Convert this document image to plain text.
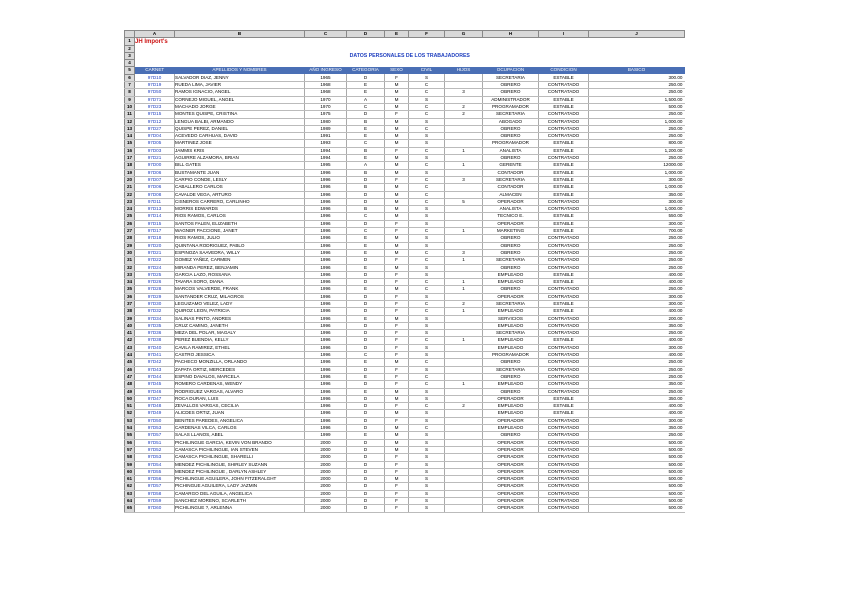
	A	B	C	D	E	F	G	H	I	J	
1	JH Import's										
2											
3	DATOS PERSONALES DE LOS TRABAJADORES										
4											
5	CARNET	APELLIDOS Y NOMBRES	AÑO INGRESO	CATEGORIA	SEXO	CIVIL	HIJOS	OCUPACION	CONDICION	BASICO	
6	97D10	SALVADOR DIAZ, JENNY	1965	D	F	S		SECRETARIA	ESTABLE	300.00	
7	97D19	RUEDA LIMA, JAVIER	1968	E	M	C		OBRERO	CONTRATADO	250.00	
8	97D50	RAMOS IGNACIO, ANGEL	1968	E	M	C	3	OBRERO	CONTRATADO	250.00	
9	97D71	CORNEJO MIGUEL, ANGEL	1970	A	M	S		ADMINISTRADOR	ESTABLE	1,500.00	
10	97D23	MACHADO JORGE	1970	C	M	C	2	PROGRAMADOR	ESTABLE	500.00	
11	97D15	MONTES QUISPE, CRISTINA	1975	D	F	C	2	SECRETARIA	CONTRATADO	250.00	
12	97D12	LENGUA BALBI, ARMANDO	1980	B	M	S		ABOGADO	CONTRATADO	1,000.00	
13	97D27	QUISPE PEREZ, DANIEL	1989	E	M	C		OBRERO	CONTRATADO	250.00	
14	97D04	ACEVEDO CARHUAS, DAVID	1991	E	M	S		OBRERO	CONTRATADO	250.00	
15	97D05	MARTINEZ JOSE	1993	C	M	S		PROGRAMADOR	ESTABLE	800.00	
16	97D03	JAMMIS KRIS	1994	B	F	C	1	ANALISTA	ESTABLE	1,200.00	
17	97D21	AGUIRRE ALZAMORA, BRIAN	1994	E	M	S		OBRERO	CONTRATADO	250.00	
18	97D00	BILL GATES	1995	A	M	C	1	GERENTE	ESTABLE	12000.00	
19	97D06	BUSTAMANTE JUAN	1996	B	M	S		CONTADOR	ESTABLE	1,000.00	
20	97D07	CARPIO CONDE, LESLY	1996	D	F	C	3	SECRETARIA	ESTABLE	300.00	
21	97D06	CABALLERO CARLOS	1996	B	M	C		CONTADOR	ESTABLE	1,000.00	
22	97D08	CAVALDE VEGA, ARTURO	1996	D	M	C		ALMACEN	ESTABLE	350.00	
23	97D11	CISNEROS CARRERO, CARLINHO	1996	D	M	C	5	OPERADOR	CONTRATADO	300.00	
24	97D13	MORRIS EDWARDS	1996	B	M	S		ANALISTA	CONTRATADO	1,000.00	
25	97D14	RIOS RAMOS, CARLOS	1996	C	M	S		TECNICO E.	ESTABLE	550.00	
26	97D15	SANTOS FALEN, ELIZABETH	1996	D	F	S		OPERADOR	ESTABLE	300.00	
27	97D17	WAGNER PACCIONE, JANET	1996	C	F	C	1	MARKETING	ESTABLE	700.00	
28	97D18	RIOS RAMOS, JULIO	1996	E	M	S		OBRERO	CONTRATADO	250.00	
29	97D20	QUINTANA RODRIGUEZ, PABLO	1996	E	M	S		OBRERO	CONTRATADO	250.00	
30	97D21	ESPINOZA SAAVEDRA, WILLY	1996	E	M	C	3	OBRERO	CONTRATADO	250.00	
31	97D22	GOMEZ YAÑEZ, CARMEN	1996	D	F	C	1	SECRETARIA	CONTRATADO	250.00	
32	97D24	MIRANDA PEREZ, BENJAMIN	1996	E	M	S		OBRERO	CONTRATADO	250.00	
33	97D25	GARCIA LAZO, ROSSANA	1996	D	F	S		EMPLEADO	ESTABLE	400.00	
34	97D26	TAVARA SORO, DIANA	1996	D	F	C	1	EMPLEADO	ESTABLE	400.00	
35	97D28	MARCOS VALVERDE, FRANK	1996	E	M	C	1	OBRERO	CONTRATADO	250.00	
36	97D29	SANTANDER CRUZ, MILAGROS	1996	D	F	S		OPERADOR	CONTRATADO	300.00	
37	97D30	LEGUIZAMO VELEZ, LADY	1996	D	F	C	2	SECRETARIA	ESTABLE	300.00	
38	97D32	QUIROZ LEON, PATRICIA	1996	D	F	C	1	EMPLEADO	ESTABLE	400.00	
39	97D34	SALINAS PINTO, ANDRES	1996	E	M	S		SERVICIOS	CONTRATADO	200.00	
40	97D35	CRUZ CAMINO, JANETH	1996	D	F	S		EMPLEADO	CONTRATADO	350.00	
41	97D36	MEZA DEL POLAR, MAGALY	1996	D	F	S		SECRETARIA	CONTRATADO	250.00	
42	97D38	PEREZ BUENDIA, KELLY	1996	D	F	C	1	EMPLEADO	ESTABLE	400.00	
43	97D40	CAVILA RAMIREZ, ETHEL	1996	D	F	S		EMPLEADO	CONTRATADO	300.00	
44	97D41	CASTRO JESSICA	1996	C	F	S		PROGRAMADOR	CONTRATADO	400.00	
45	97D42	PACHECO MONZILLA, ORLANDO	1996	E	M	C		OBRERO	CONTRATADO	250.00	
46	97D43	ZAPATA ORTIZ, MERCEDES	1996	D	F	S		SECRETARIA	CONTRATADO	250.00	
47	97D44	ESPINO DAVALOS, MARCELA	1996	E	F	C		OBRERO	CONTRATADO	250.00	
48	97D45	ROMERO CARDENAS, WENDY	1996	D	F	C	1	EMPLEADO	CONTRATADO	350.00	
49	97D46	RODRIGUEZ VARGAS, ALVARO	1996	E	M	S		OBRERO	CONTRATADO	250.00	
50	97D47	ROCA DURAN, LUIS	1996	D	M	S		OPERADOR	ESTABLE	350.00	
51	97D48	ZEVALLOS VARGAS, CECILIA	1996	D	F	C	2	EMPLEADO	ESTABLE	400.00	
52	97D49	ALICDES ORTIZ, JUAN	1996	D	M	S		EMPLEADO	ESTABLE	400.00	
53	97D50	BENITES PAREDES, ANGELICA	1996	D	F	S		OPERADOR	CONTRATADO	300.00	
54	97D53	CARDENAS VILCA, CARLOS	1996	D	M	C		EMPLEADO	CONTRATADO	350.00	
55	97D57	SALAS LLANOS, ABEL	1999	E	M	S		OBRERO	CONTRATADO	250.00	
56	97D51	PICHILINGUE GARCIA, KEVIN VON BRANDO	2000	D	M	S		OPERADOR	CONTRATADO	500.00	
57	97D52	CAMASCA PICHILINGUE, IAN STEVEN	2000	D	M	S		OPERADOR	CONTRATADO	500.00	
58	97D53	CAMASCA PICHILINGUE, SHARELLI	2000	D	F	S		OPERADOR	CONTRATADO	500.00	
59	97D54	MENDEZ PICHILINGUE, SHIRLEY SUZANN	2000	D	F	S		OPERADOR	CONTRATADO	500.00	
60	97D55	MENDEZ PICHILINGUE , DARLYN ASHLEY	2000	D	F	S		OPERADOR	CONTRATADO	500.00	
61	97D56	PICHILINGUE AGUILERA, JOHN FITZERALGHT	2000	D	M	S		OPERADOR	CONTRATADO	500.00	
62	97D57	PICHINGUE AGUILERA, LADY JAZMIN	2000	D	F	S		OPERADOR	CONTRATADO	500.00	
63	97D58	CAMARGO DEL AGUILA, ANGELICA	2000	D	F	S		OPERADOR	CONTRATADO	500.00	
64	97D59	SANCHEZ MORENO, SCARLETH	2000	D	F	S		OPERADOR	CONTRATADO	500.00	
65	97D60	PICHILINGUE ?, ARLENNA	2000	D	F	S		OPERADOR	CONTRATADO	500.00	
